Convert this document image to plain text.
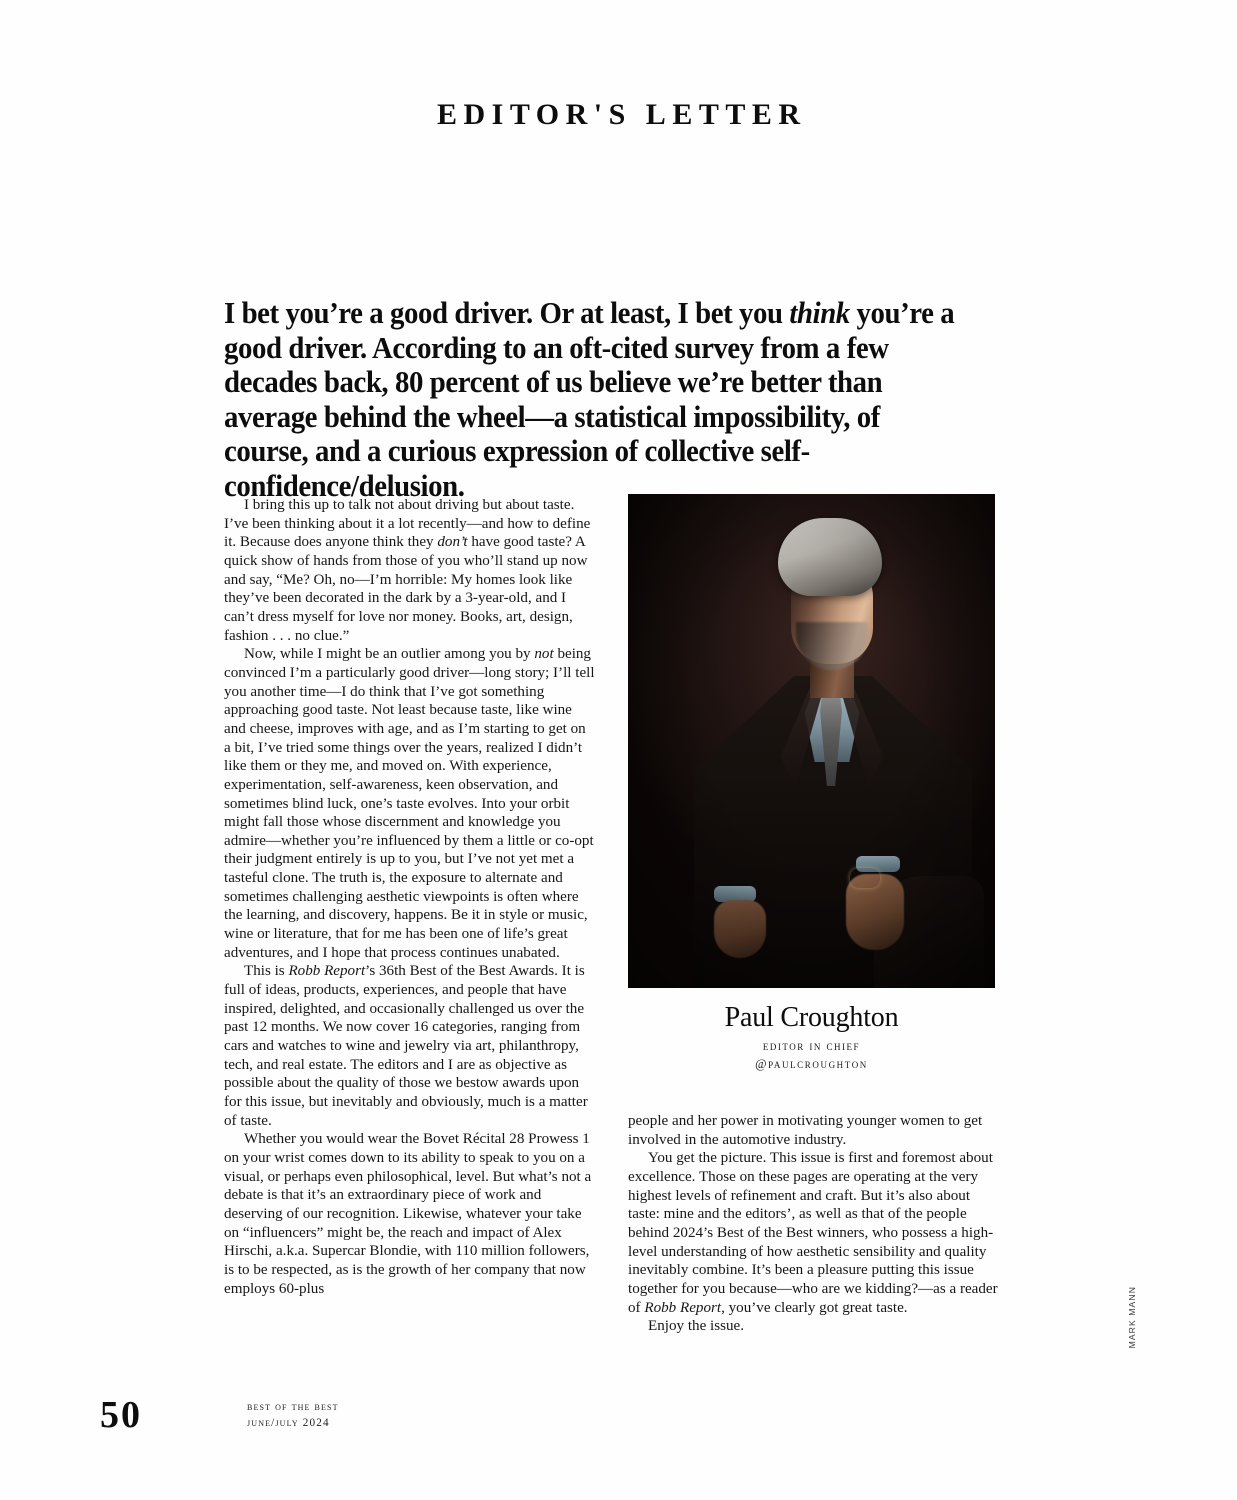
EDITOR'S LETTER
I bet you’re a good driver. Or at least, I bet you think you’re a good driver. According to an oft-cited survey from a few decades back, 80 percent of us believe we’re better than average behind the wheel—a statistical impossibility, of course, and a curious expression of collective self-confidence/delusion.
Paul Croughton
editor in chief
@paulcroughton

I bring this up to talk not about driving but about taste. I’ve been thinking about it a lot recently—and how to define it. Because does anyone think they don’t have good taste? A quick show of hands from those of you who’ll stand up now and say, “Me? Oh, no—I’m horrible: My homes look like they’ve been decorated in the dark by a 3-year-old, and I can’t dress myself for love nor money. Books, art, design, fashion . . . no clue.”

Now, while I might be an outlier among you by not being convinced I’m a particularly good driver—long story; I’ll tell you another time—I do think that I’ve got something approaching good taste. Not least because taste, like wine and cheese, improves with age, and as I’m starting to get on a bit, I’ve tried some things over the years, realized I didn’t like them or they me, and moved on. With experience, experimentation, self-awareness, keen observation, and sometimes blind luck, one’s taste evolves. Into your orbit might fall those whose discernment and knowledge you admire—whether you’re influenced by them a little or co-opt their judgment entirely is up to you, but I’ve not yet met a tasteful clone. The truth is, the exposure to alternate and sometimes challenging aesthetic viewpoints is often where the learning, and discovery, happens. Be it in style or music, wine or literature, that for me has been one of life’s great adventures, and I hope that process continues unabated.

This is Robb Report’s 36th Best of the Best Awards. It is full of ideas, products, experiences, and people that have inspired, delighted, and occasionally challenged us over the past 12 months. We now cover 16 categories, ranging from cars and watches to wine and jewelry via art, philanthropy, tech, and real estate. The editors and I are as objective as possible about the quality of those we bestow awards upon for this issue, but inevitably and obviously, much is a matter of taste.

Whether you would wear the Bovet Récital 28 Prowess 1 on your wrist comes down to its ability to speak to you on a visual, or perhaps even philosophical, level. But what’s not a debate is that it’s an extraordinary piece of work and deserving of our recognition. Likewise, whatever your take on “influencers” might be, the reach and impact of Alex Hirschi, a.k.a. Supercar Blondie, with 110 million followers, is to be respected, as is the growth of her company that now employs 60-plus

people and her power in motivating younger women to get involved in the automotive industry.

You get the picture. This issue is first and foremost about excellence. Those on these pages are operating at the very highest levels of refinement and craft. But it’s also about taste: mine and the editors’, as well as that of the people behind 2024’s Best of the Best winners, who possess a high-level understanding of how aesthetic sensibility and quality inevitably combine. It’s been a pleasure putting this issue together for you because—who are we kidding?—as a reader of Robb Report, you’ve clearly got great taste.

Enjoy the issue.

50	best of the best
june/july 2024
MARK MANN
